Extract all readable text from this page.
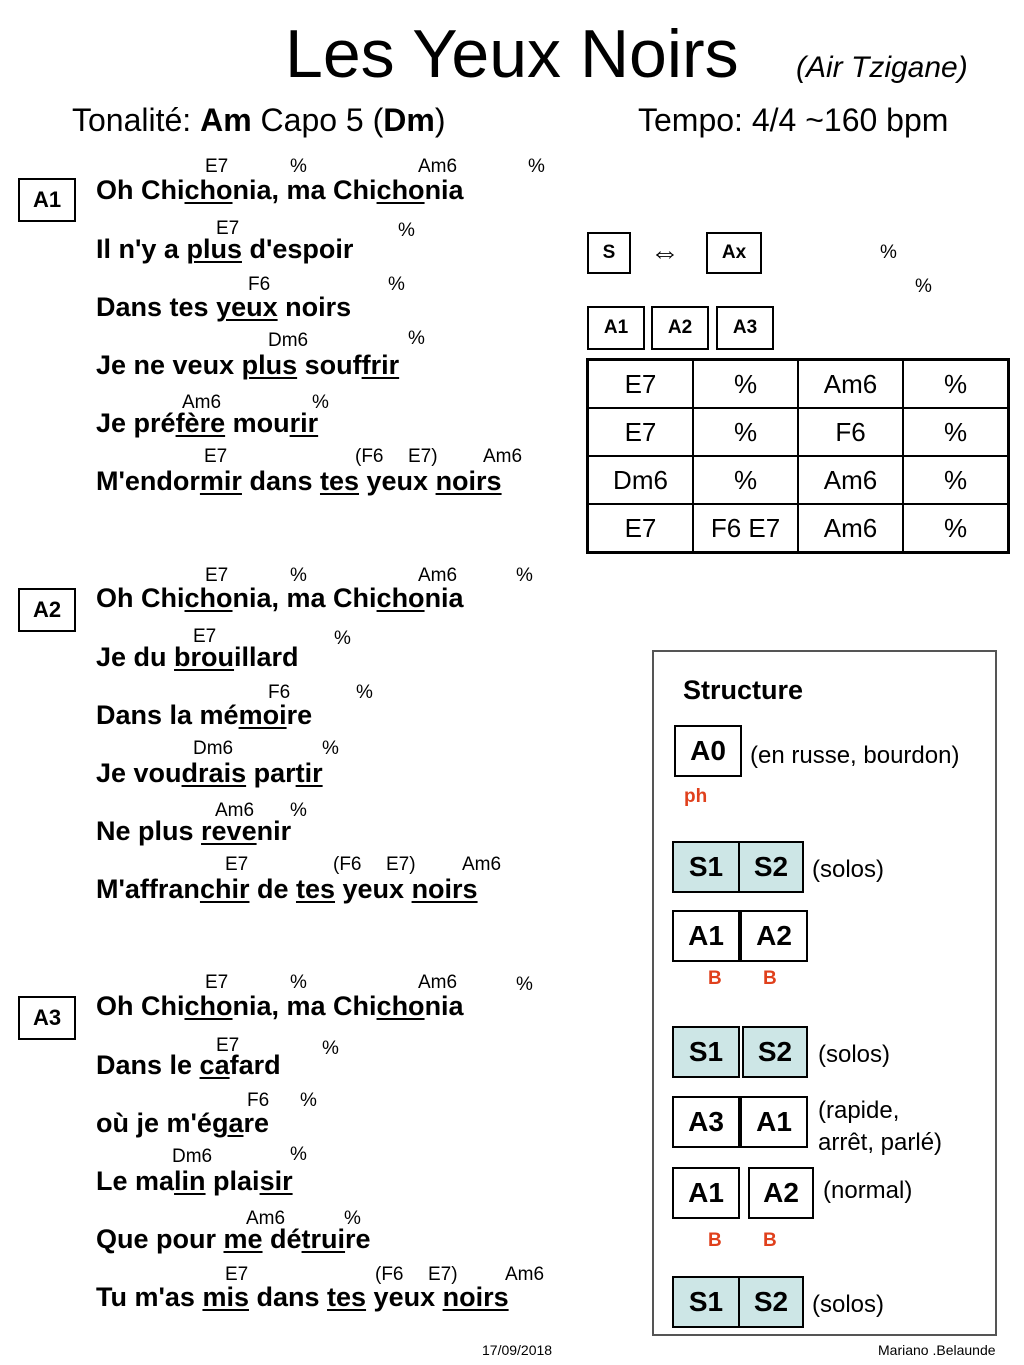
Les Yeux Noirs (Air Tzigane)
Tonalité: Am Capo 5 (Dm)	Tempo: 4/4 ~160 bpm
A1
A2
A3
E7	%	Am6	%
Oh Chichonia, ma Chichonia
E7	%
Il n'y a plus d'espoir
F6	%
Dans tes yeux noirs
Dm6	%
Je ne veux plus souffrir
Am6	%
Je préfère mourir
E7	(F6 E7) Am6
M'endormir dans tes yeux noirs
E7	%	Am6	%
Oh Chichonia, ma Chichonia
E7	%
Je du brouillard
F6	%
Dans la mémoire
Dm6	%
Je voudrais partir
Am6 %
Ne plus revenir
E7	(F6 E7) Am6
M'affranchir de tes yeux noirs
E7	%	Am6	%
Oh Chichonia, ma Chichonia
E7	%
Dans le cafard
F6 %
où je m'égare
Dm6	%
Le malin plaisir
Am6	%
Que pour me détruire
E7	(F6 E7) Am6
Tu m'as mis dans tes yeux noirs
S	⇔	Ax	%
%
A1	A2	A3
E7	%	Am6	%
E7	%	F6	%
Dm6	%	Am6	%
E7	F6 E7	Am6	%
Structure
A0	(en russe, bourdon)
ph
S1	S2 (solos)
A1	A2
B B
S1	S2	(solos)
A3	A1	(rapide,
arrêt, parlé)
A1	A2	(normal)
B B
S1	S2 (solos)
17/09/2018	Mariano .Belaunde
